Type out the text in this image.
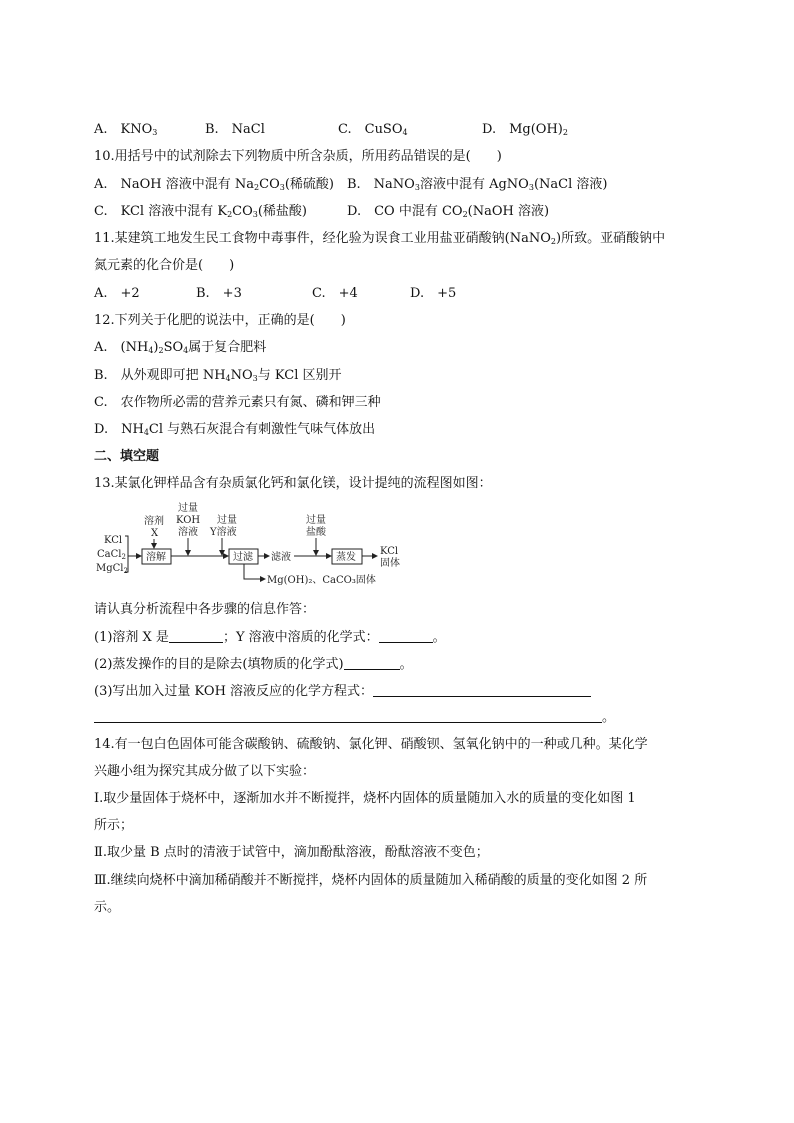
A.　$KNO_3$	B.　NaCl	C.　CuSO$_4$	D.　$Mg(OH)_2$
10.用括号中的试剂除去下列物质中所含杂质，所用药品错误的是(　　)
A.　NaOH 溶液中混有 $Na_2CO_3$(稀硫酸) B.　NaNO$_3$溶液中混有 AgNO$_3$(NaCl 溶液)
C.　KCl 溶液中混有 $K_2CO_3$(稀盐酸)	D.　CO 中混有 $CO_2(NaOH$ 溶液)
11.某建筑工地发生民工食物中毒事件，经化验为误食工业用盐亚硝酸钠(NaNO$_2$)所致。亚硝酸钠中
氮元素的化合价是(　　)
A.　+2	B.　+3	C.　+4	D.　+5
12.下列关于化肥的说法中，正确的是(　　)
A.　$(NH_4)_2SO_4$属于复合肥料
B.　从外观即可把 $NH_4NO_3$与 KCl 区别开
C.　农作物所必需的营养元素只有氮、磷和钾三种
D.　$NH_4Cl$ 与熟石灰混合有刺激性气味气体放出
二、填空题
13.某氯化钾样品含有杂质氯化钙和氯化镁，设计提纯的流程图如图：
KCl
CaCl$_2$
MgCl$_2$
溶剂
X
溶解
过量
KOH
溶液
过量
Y溶液
过滤 滤液
Mg(OH)₂、CaCO₃固体
过量
盐酸
蒸发
KCl
固体
请认真分析流程中各步骤的信息作答：
(1)溶剂 X 是	；Y 溶液中溶质的化学式：	。
(2)蒸发操作的目的是除去(填物质的化学式)	。
(3)写出加入过量 KOH 溶液反应的化学方程式：
。
14.有一包白色固体可能含碳酸钠、硫酸钠、氯化钾、硝酸钡、氢氧化钠中的一种或几种。某化学
兴趣小组为探究其成分做了以下实验：
Ⅰ.取少量固体于烧杯中，逐渐加水并不断搅拌，烧杯内固体的质量随加入水的质量的变化如图 1
所示；
Ⅱ.取少量 B 点时的清液于试管中，滴加酚酞溶液，酚酞溶液不变色；
Ⅲ.继续向烧杯中滴加稀硝酸并不断搅拌，烧杯内固体的质量随加入稀硝酸的质量的变化如图 2 所
示。
